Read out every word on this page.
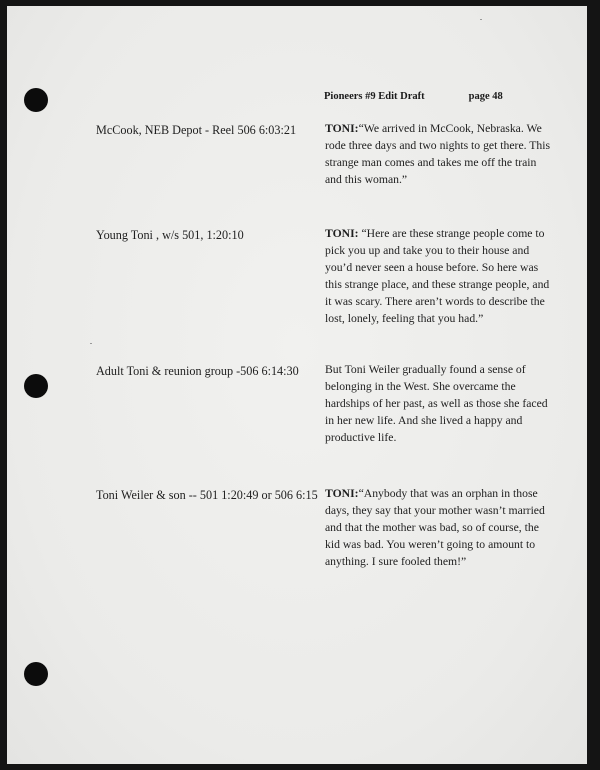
Pioneers #9 Edit Draft	page 48
McCook, NEB Depot - Reel 506 6:03:21 TONI:“We arrived in McCook, Nebraska. We rode three days and two nights to get there. This strange man comes and takes me off the train and this woman.”
Young Toni , w/s 501, 1:20:10	TONI: “Here are these strange people come to pick you up and take you to their house and you’d never seen a house before. So here was this strange place, and these strange people, and it was scary. There aren’t words to describe the lost, lonely, feeling that you had.”
Adult Toni & reunion group -506 6:14:30 But Toni Weiler gradually found a sense of belonging in the West. She overcame the hardships of her past, as well as those she faced in her new life. And she lived a happy and productive life.
Toni Weiler & son -- 501 1:20:49 or 506 6:15 TONI:“Anybody that was an orphan in those days, they say that your mother wasn’t married and that the mother was bad, so of course, the kid was bad. You weren’t going to amount to anything. I sure fooled them!”
